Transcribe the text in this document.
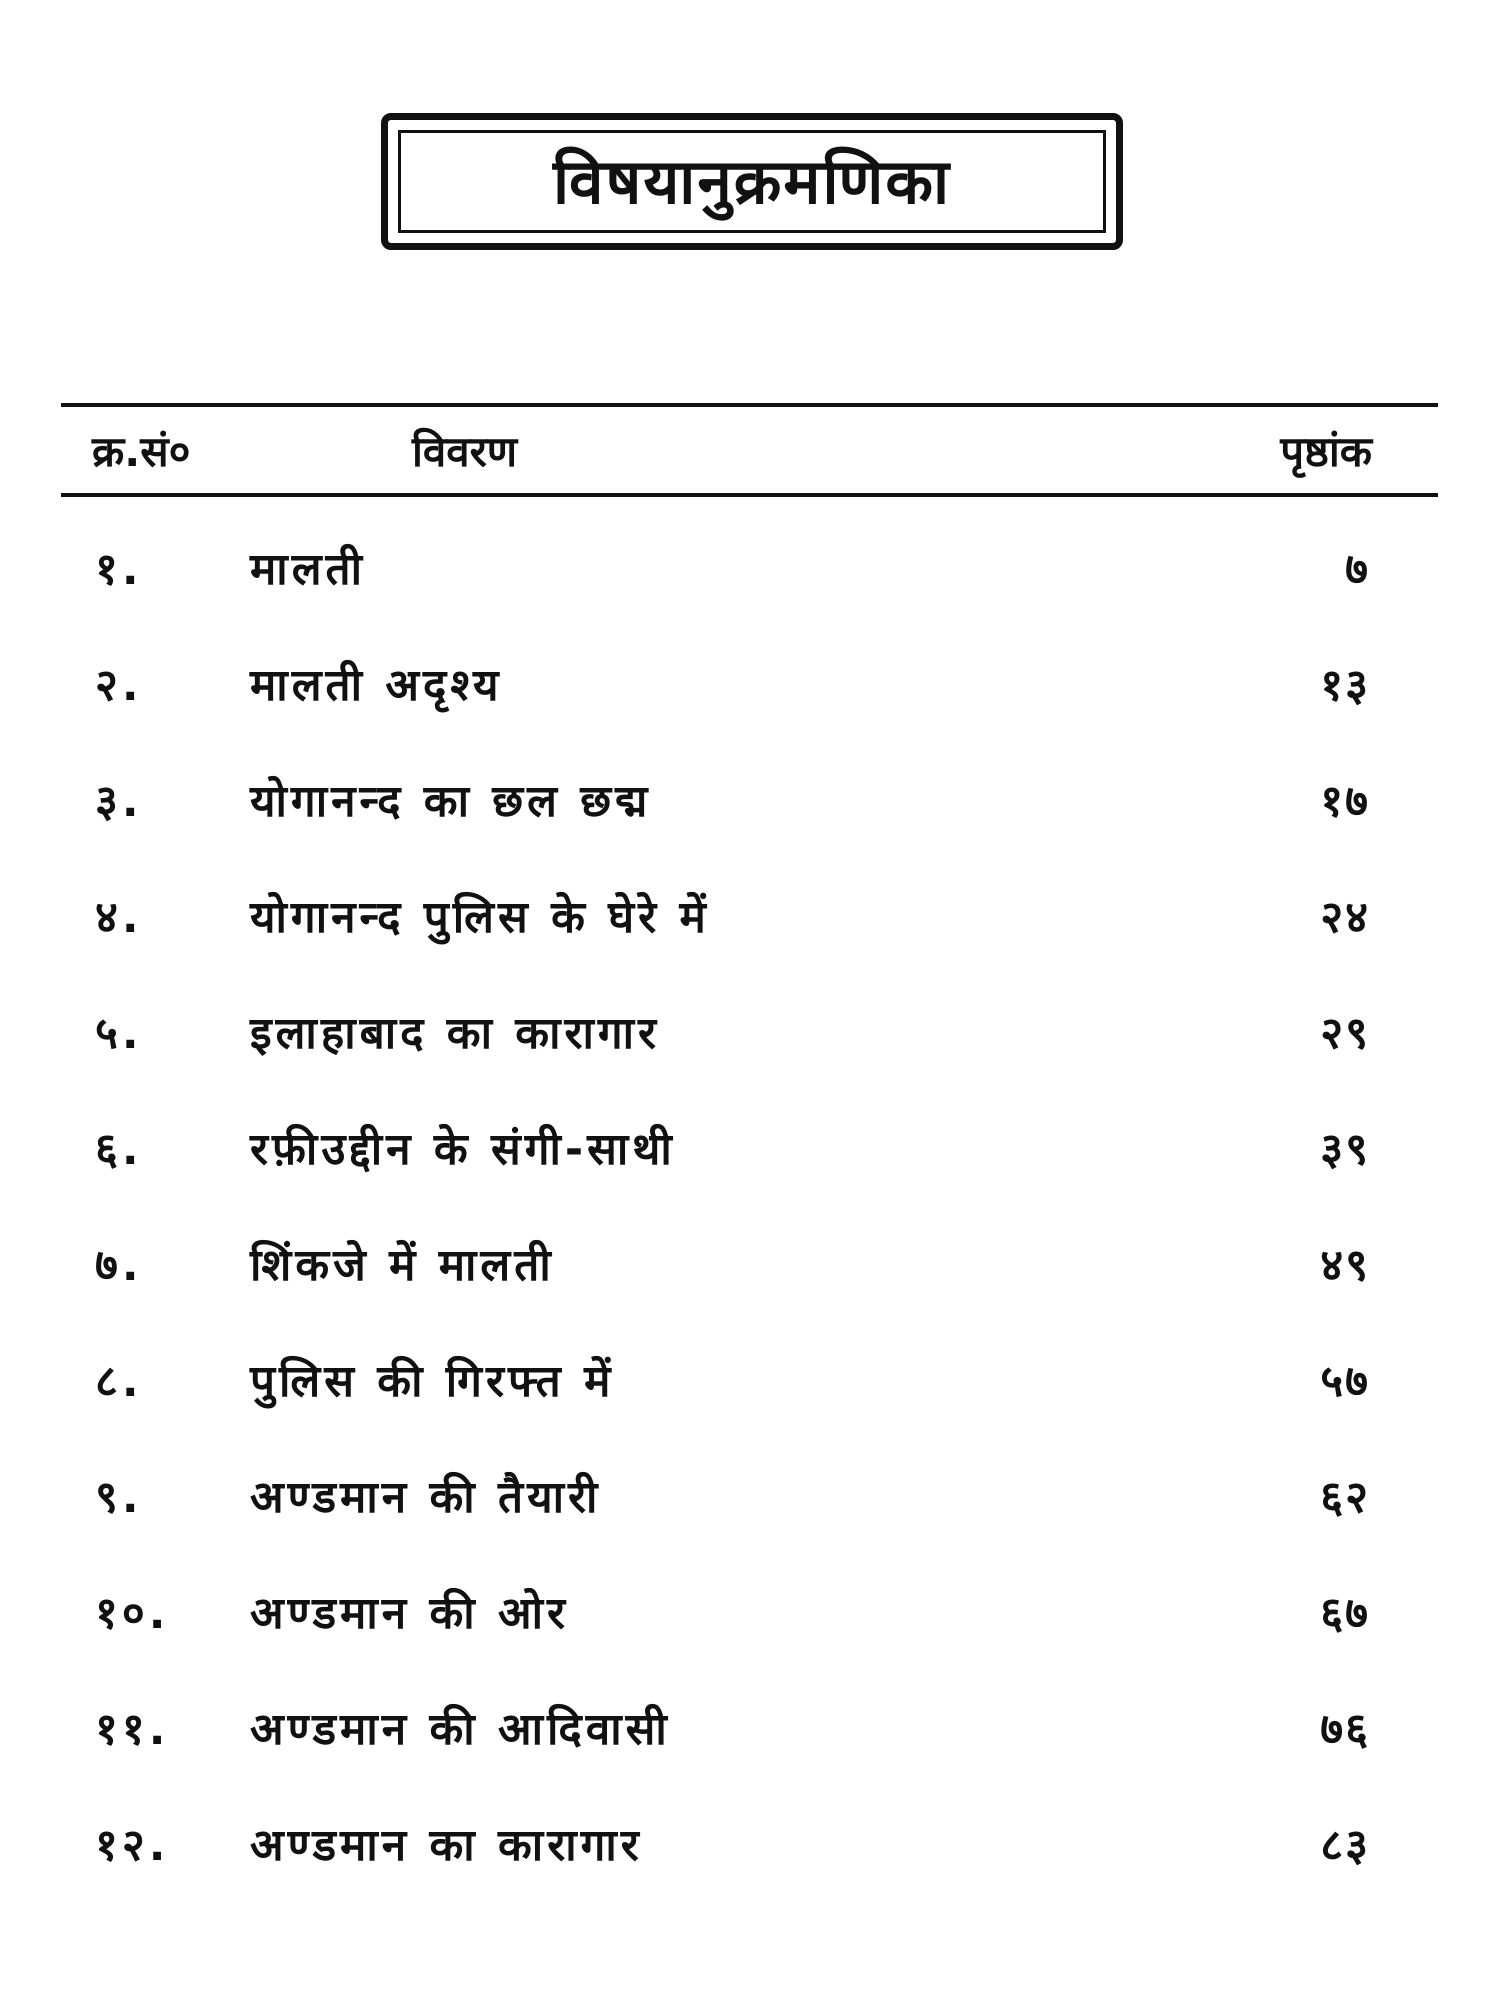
विषयानुक्रमणिका
क्र.सं०	विवरण	पृष्ठांक
१. मालती	७
२. मालती अदृश्य	१३
३. योगानन्द का छल छद्म	१७
४. योगानन्द पुलिस के घेरे में	२४
५. इलाहाबाद का कारागार	२९
६. रफ़ीउद्दीन के संगी-साथी	३९
७. शिंकजे में मालती	४९
८. पुलिस की गिरफ्त में	५७
९. अण्डमान की तैयारी	६२
१०. अण्डमान की ओर	६७
११. अण्डमान की आदिवासी	७६
१२. अण्डमान का कारागार	८३
